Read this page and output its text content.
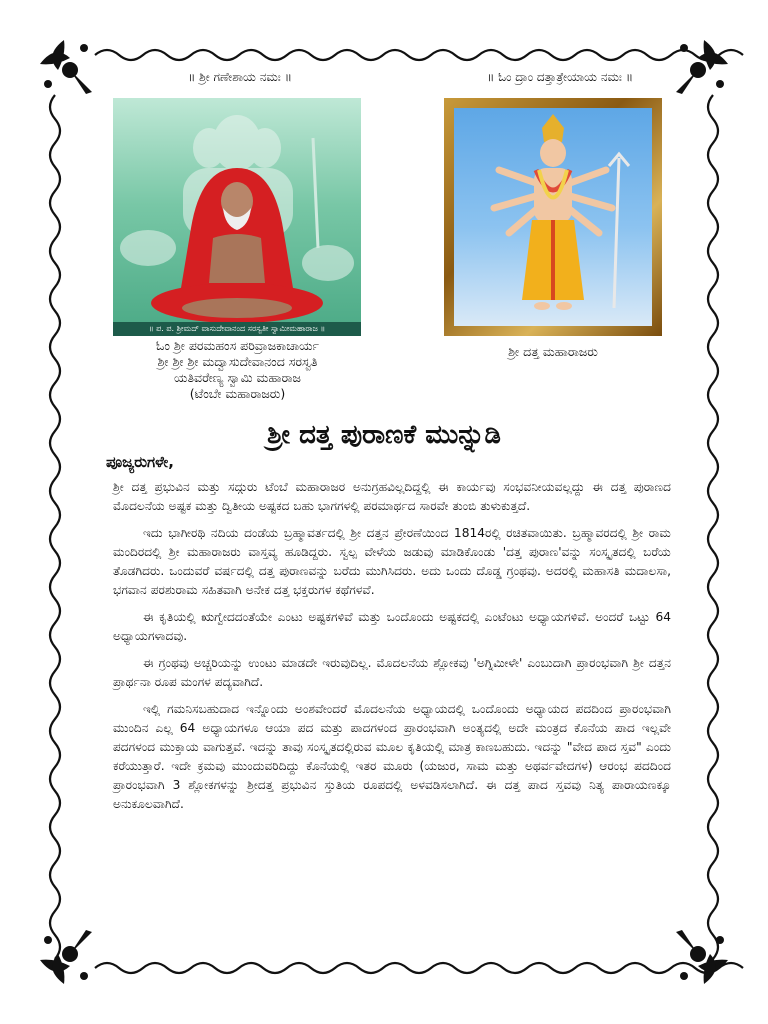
॥ ಶ್ರೀ ಗಣೇಶಾಯ ನಮಃ ॥	॥ ಓಂ ದ್ರಾಂ ದತ್ತಾತ್ರೇಯಾಯ ನಮಃ ॥
॥ ಪ. ಪ. ಶ್ರೀಮದ್ ವಾಸುದೇವಾನಂದ ಸರಸ್ವತೀ ಸ್ವಾಮೀಮಹಾರಾಜ ॥
ಓಂ ಶ್ರೀ ಪರಮಹಂಸ ಪರಿವ್ರಾಜಕಾಚಾರ್ಯ
ಶ್ರೀ ಶ್ರೀ ಶ್ರೀ ಮದ್ವಾಸುದೇವಾನಂದ ಸರಸ್ವತಿ
ಯತಿವರೇಣ್ಯ ಸ್ವಾಮಿ ಮಹಾರಾಜ
(ಟೆಂಬೇ ಮಹಾರಾಜರು)
ಶ್ರೀ ದತ್ತ ಮಹಾರಾಜರು
ಶ್ರೀ ದತ್ತ ಪುರಾಣಕೆ ಮುನ್ನುಡಿ
ಪೂಜ್ಯರುಗಳೇ,

ಶ್ರೀ ದತ್ತ ಪ್ರಭುವಿನ ಮತ್ತು ಸದ್ಗುರು ಟೆಂಬೆ ಮಹಾರಾಜರ ಅನುಗ್ರಹವಿಲ್ಲದಿದ್ದಲ್ಲಿ ಈ ಕಾರ್ಯವು ಸಂಭವನೀಯವಲ್ಲದ್ದು ಈ ದತ್ತ ಪುರಾಣದ ಮೊದಲನೆಯ ಅಷ್ಟಕ ಮತ್ತು ದ್ವಿತೀಯ ಅಷ್ಟಕದ ಬಹು ಭಾಗಗಳಲ್ಲಿ ಪರಮಾರ್ಥದ ಸಾರವೇ ತುಂಬಿ ತುಳುಕುತ್ತದೆ.

ಇದು ಭಾಗೀರಥಿ ನದಿಯ ದಂಡೆಯ ಬ್ರಹ್ಮಾವರ್ತದಲ್ಲಿ ಶ್ರೀ ದತ್ತನ ಪ್ರೇರಣೆಯಿಂದ 1814ರಲ್ಲಿ ರಚಿತವಾಯಿತು. ಬ್ರಹ್ಮಾವರದಲ್ಲಿ ಶ್ರೀ ರಾಮ ಮಂದಿರದಲ್ಲಿ ಶ್ರೀ ಮಹಾರಾಜರು ವಾಸ್ತವ್ಯ ಹೂಡಿದ್ದರು. ಸ್ವಲ್ಪ ವೇಳೆಯ ಜಡುವು ಮಾಡಿಕೊಂಡು 'ದತ್ತ ಪುರಾಣ'ವನ್ನು ಸಂಸ್ಕೃತದಲ್ಲಿ ಬರೆಯ ತೊಡಗಿದರು. ಒಂದುವರೆ ವರ್ಷದಲ್ಲಿ ದತ್ತ ಪುರಾಣವನ್ನು ಬರೆದು ಮುಗಿಸಿದರು. ಅದು ಒಂದು ದೊಡ್ಡ ಗ್ರಂಥವು. ಅದರಲ್ಲಿ ಮಹಾಸತಿ ಮದಾಲಸಾ, ಭಗವಾನ ಪರಶುರಾಮ ಸಹಿತವಾಗಿ ಅನೇಕ ದತ್ತ ಭಕ್ತರುಗಳ ಕಥೆಗಳವೆ.

ಈ ಕೃತಿಯಲ್ಲಿ ಋಗ್ವೇದದಂತೆಯೇ ಎಂಟು ಅಷ್ಟಕಗಳಿವೆ ಮತ್ತು ಒಂದೊಂದು ಅಷ್ಟಕದಲ್ಲಿ ಎಂಟೆಂಟು ಅಧ್ಯಾಯಗಳಿವೆ. ಅಂದರೆ ಒಟ್ಟು 64 ಅಧ್ಯಾಯಗಳಾದವು.

ಈ ಗ್ರಂಥವು ಅಚ್ಚರಿಯನ್ನು ಉಂಟು ಮಾಡದೇ ಇರುವುದಿಲ್ಲ. ಮೊದಲನೆಯ ಶ್ಲೋಕವು 'ಅಗ್ನಿಮೀಳೇ' ಎಂಬುದಾಗಿ ಪ್ರಾರಂಭವಾಗಿ ಶ್ರೀ ದತ್ತನ ಪ್ರಾರ್ಥನಾ ರೂಪ ಮಂಗಳ ಪದ್ಯವಾಗಿದೆ.

ಇಲ್ಲಿ ಗಮನಿಸಬಹುದಾದ ಇನ್ನೊಂದು ಅಂಶವೇಂದರೆ ಮೊದಲನೆಯ ಅಧ್ಯಾಯದಲ್ಲಿ ಒಂದೊಂದು ಅಧ್ಯಾಯದ ಪದದಿಂದ ಪ್ರಾರಂಭವಾಗಿ ಮುಂದಿನ ಎಲ್ಲ 64 ಅಧ್ಯಾಯಗಳೂ ಆಯಾ ಪದ ಮತ್ತು ಪಾದಗಳಂದ ಪ್ರಾರಂಭವಾಗಿ ಅಂತ್ಯದಲ್ಲಿ ಅದೇ ಮಂತ್ರದ ಕೊನೆಯ ಪಾದ ಇಲ್ಲವೇ ಪದಗಳಂದ ಮುಕ್ತಾಯ ವಾಗುತ್ತವೆ. ಇದನ್ನು ತಾವು ಸಂಸ್ಕೃತದಲ್ಲಿರುವ ಮೂಲ ಕೃತಿಯಲ್ಲಿ ಮಾತ್ರ ಕಾಣಬಹುದು. ಇದನ್ನು "ವೇದ ಪಾದ ಸ್ತವ" ಎಂದು ಕರೆಯುತ್ತಾರೆ. ಇದೇ ಕ್ರಮವು ಮುಂದುವರಿದಿದ್ದು ಕೊನೆಯಲ್ಲಿ ಇತರ ಮೂರು (ಯಜುರ, ಸಾಮ ಮತ್ತು ಅಥರ್ವವೇದಗಳ) ಆರಂಭ ಪದದಿಂದ ಪ್ರಾರಂಭವಾಗಿ 3 ಶ್ಲೋಕಗಳನ್ನು ಶ್ರೀದತ್ತ ಪ್ರಭುವಿನ ಸ್ತುತಿಯ ರೂಪದಲ್ಲಿ ಅಳವಡಿಸಲಾಗಿದೆ. ಈ ದತ್ತ ಪಾದ ಸ್ತವವು ನಿತ್ಯ ಪಾರಾಯಣಕ್ಕೂ ಅನುಕೂಲವಾಗಿದೆ.
